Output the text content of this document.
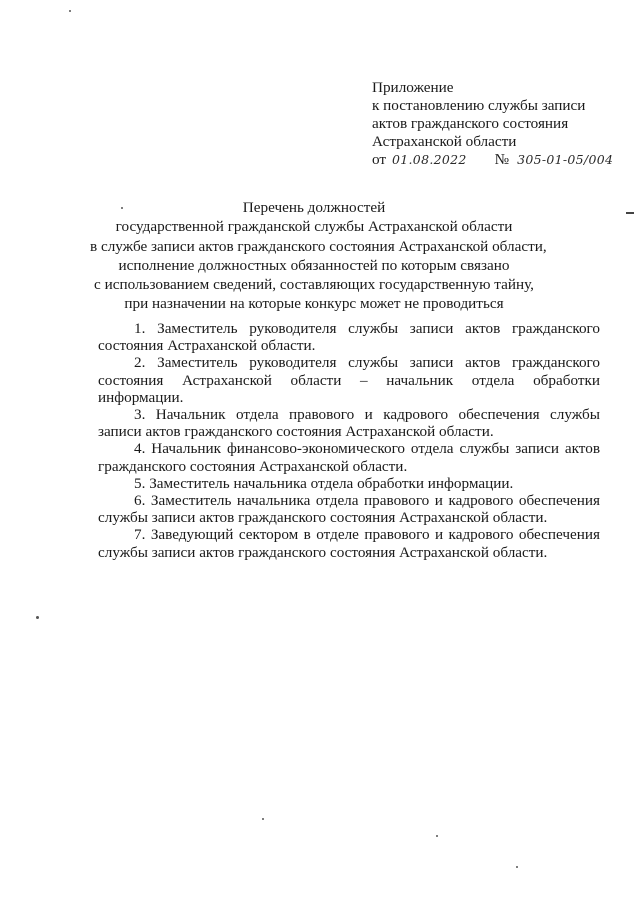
Приложение
к постановлению службы записи
актов гражданского состояния
Астраханской области
от 01.08.2022 № 305-01-05/004
Перечень должностей
государственной гражданской службы Астраханской области
в службе записи актов гражданского состояния Астраханской области,
исполнение должностных обязанностей по которым связано
с использованием сведений, составляющих государственную тайну,
при назначении на которые конкурс может не проводиться

1. Заместитель руководителя службы записи актов гражданского состояния Астраханской области.

2. Заместитель руководителя службы записи актов гражданского состояния Астраханской области – начальник отдела обработки информации.

3. Начальник отдела правового и кадрового обеспечения службы записи актов гражданского состояния Астраханской области.

4. Начальник финансово-экономического отдела службы записи актов гражданского состояния Астраханской области.

5. Заместитель начальника отдела обработки информации.

6. Заместитель начальника отдела правового и кадрового обеспечения службы записи актов гражданского состояния Астраханской области.

7. Заведующий сектором в отделе правового и кадрового обеспечения службы записи актов гражданского состояния Астраханской области.
